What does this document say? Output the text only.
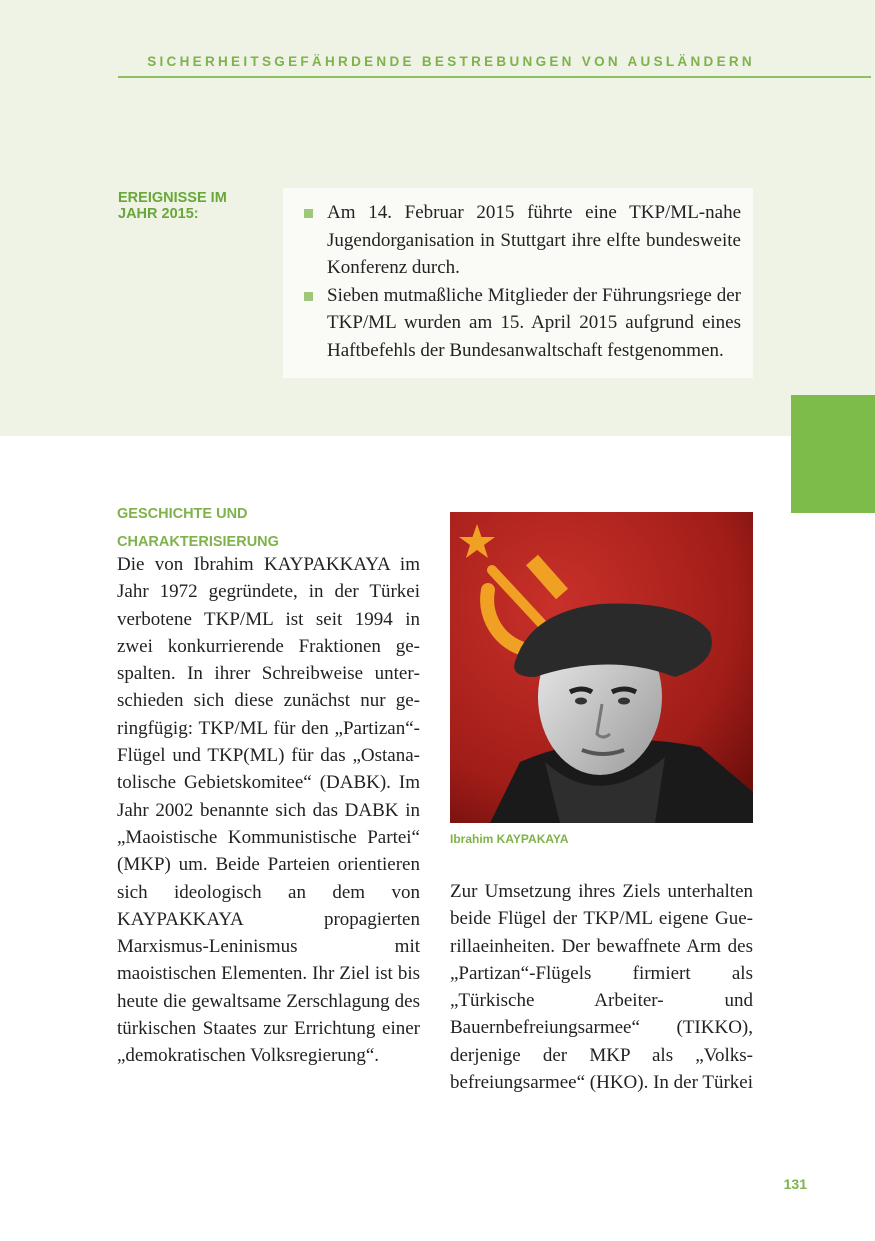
SICHERHEITSGEFÄHRDENDE BESTREBUNGEN VON AUSLÄNDERN
EREIGNISSE IM
JAHR 2015:	Am 14. Februar 2015 führte eine TKP/ML-nahe Jugendorganisation in Stuttgart ihre elfte bundesweite Konferenz durch.
Sieben mutmaßliche Mitglieder der Führungsriege der TKP/ML wurden am 15. April 2015 aufgrund eines Haftbefehls der Bundesanwaltschaft festgenommen.
GESCHICHTE UND
CHARAKTERISIERUNG
Die von Ibrahim KAYPAKKAYA im Jahr 1972 gegründete, in der Türkei verbotene TKP/ML ist seit 1994 in zwei konkurrierende Fraktionen gespalten. In ihrer Schreibweise unterschieden sich diese zunächst nur geringfügig: TKP/ML für den „Partizan“-Flügel und TKP(ML) für das „Ostanatolische Gebietskomitee“ (DABK). Im Jahr 2002 benannte sich das DABK in „Maoistische Kommunistische Partei“ (MKP) um. Beide Parteien orientieren sich ideologisch an dem von KAYPAKKAYA propagierten Marxismus-Leninismus mit maoistischen Elementen. Ihr Ziel ist bis heute die gewaltsame Zerschlagung des türkischen Staates zur Errichtung einer „demokratischen Volksregierung“.
Ibrahim KAYPAKAYA
Zur Umsetzung ihres Ziels unterhalten beide Flügel der TKP/ML eigene Guerillaeinheiten. Der bewaffnete Arm des „Partizan“-Flügels firmiert als „Türkische Arbeiter- und Bauernbefreiungsarmee“ (TIKKO), derjenige der MKP als „Volksbefreiungsarmee“ (HKO). In der Türkei
131
